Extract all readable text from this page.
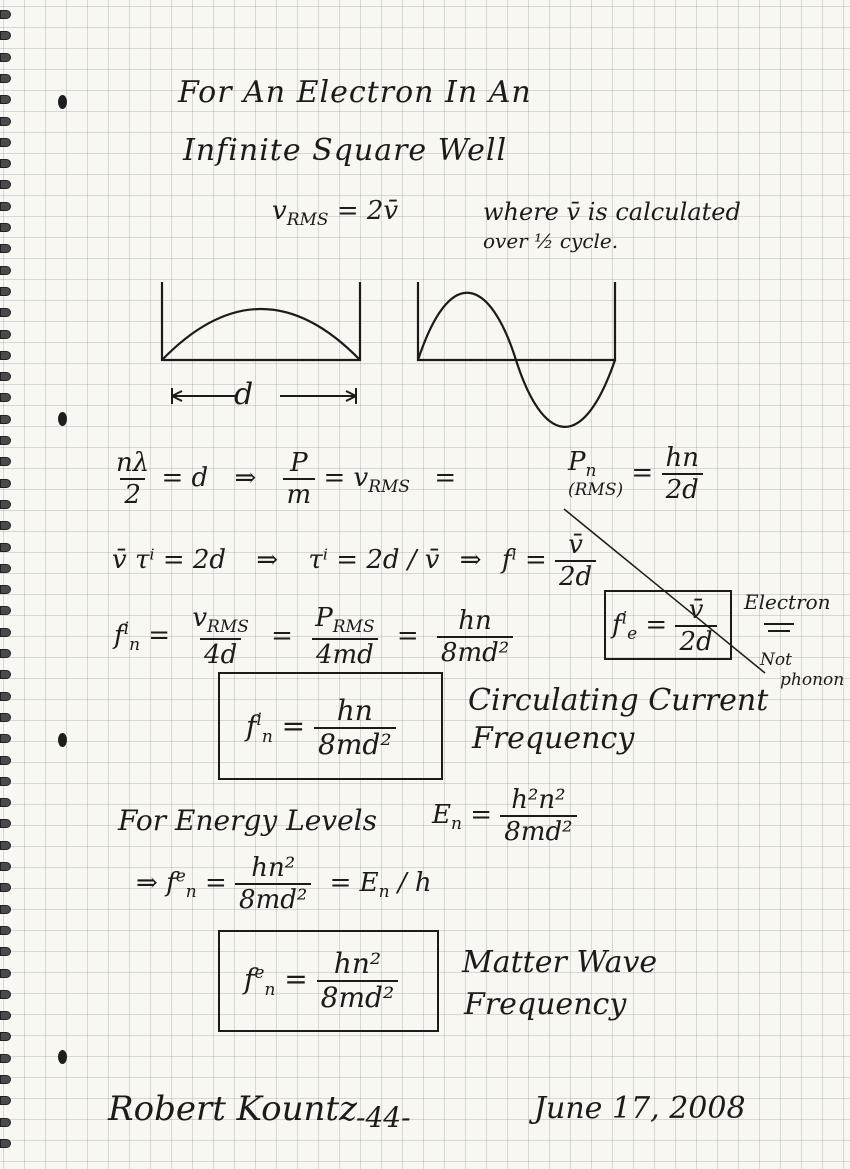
For An Electron In An
Infinite Square Well
$v_{RMS}$ = 2v̄	where v̄ is calculated
over ½ cycle.
d
$\frac{n\lambda}{2} = d$ ⇒ $\frac{P}{m} = v_{RMS}$ =
$P_n$
(RMS)
= $\frac{hn}{2d}$
v̄ τⁱ = 2d ⇒ τⁱ = 2d / v̄ ⇒ $f^i = \frac{v̄}{2d}$
$f^i_n = \frac{v_{RMS}}{4d} = \frac{P_{RMS}}{4md} = \frac{hn}{\text{8md²}}$	$f^i_e = \frac{v̄}{2d}$ Electron
Not
phonon
$f^i_n = \frac{hn}{\text{8md²}}$ Circulating Current
Frequency
For Energy Levels $E_n = \frac{\text{h²n²}}{\text{8md²}}$
⇒ $f^e_n = \frac{\text{hn²}}{\text{8md²}} = E_n / h$
$f^e_n = \frac{\text{hn²}}{\text{8md²}}$ Matter Wave
Frequency
Robert Kountz
-44-	June 17, 2008
